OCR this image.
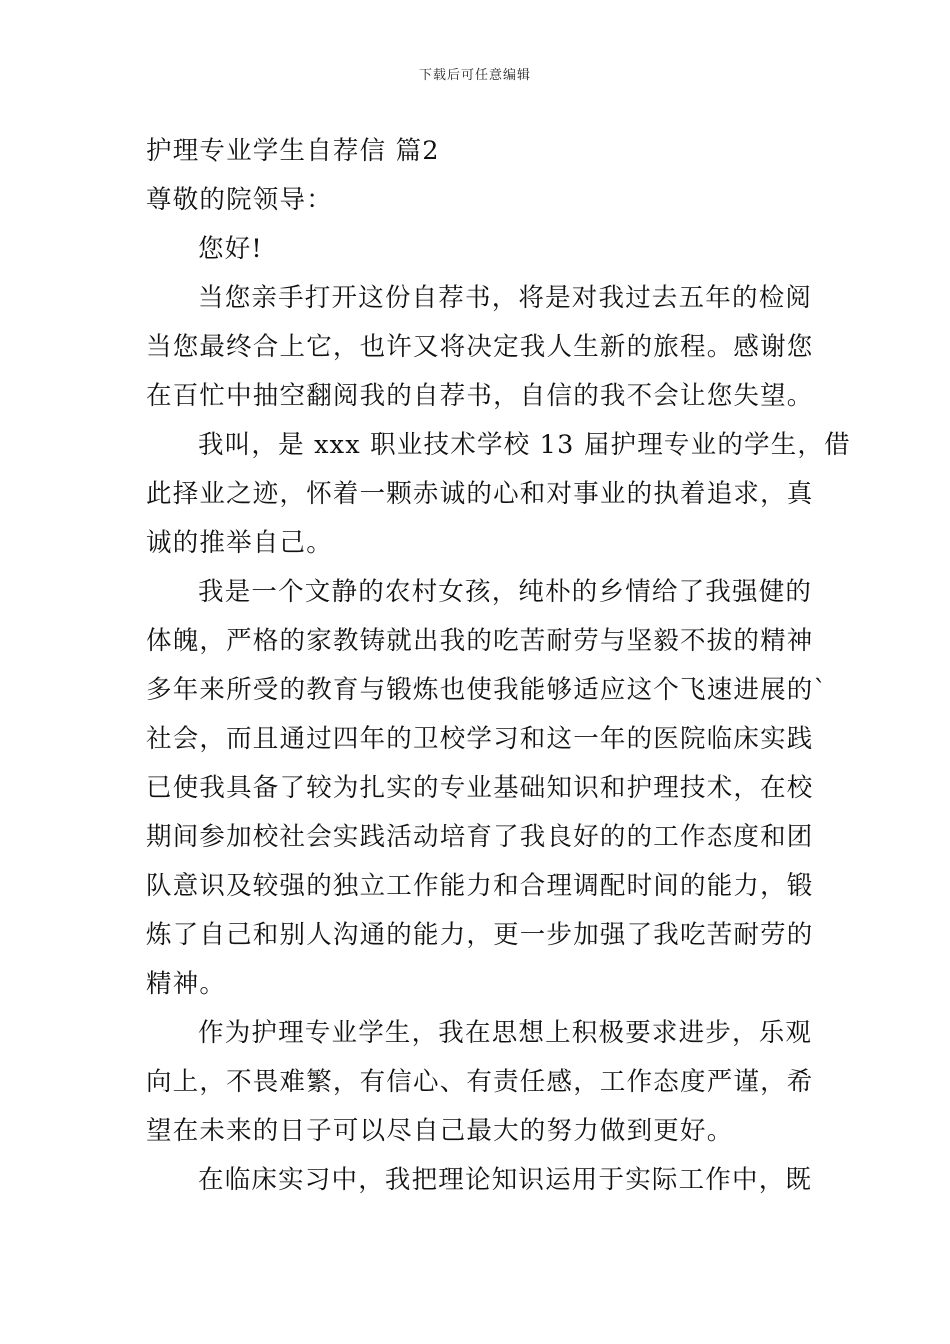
下载后可任意编辑
护理专业学生自荐信 篇2
尊敬的院领导：
您好!
当您亲手打开这份自荐书，将是对我过去五年的检阅
当您最终合上它，也许又将决定我人生新的旅程。感谢您
在百忙中抽空翻阅我的自荐书，自信的我不会让您失望。
我叫，是 xxx 职业技术学校 13 届护理专业的学生，借
此择业之迹，怀着一颗赤诚的心和对事业的执着追求，真
诚的推举自己。
我是一个文静的农村女孩，纯朴的乡情给了我强健的
体魄，严格的家教铸就出我的吃苦耐劳与坚毅不拔的精神
多年来所受的教育与锻炼也使我能够适应这个飞速进展的`
社会，而且通过四年的卫校学习和这一年的医院临床实践
已使我具备了较为扎实的专业基础知识和护理技术，在校
期间参加校社会实践活动培育了我良好的的工作态度和团
队意识及较强的独立工作能力和合理调配时间的能力，锻
炼了自己和别人沟通的能力，更一步加强了我吃苦耐劳的
精神。
作为护理专业学生，我在思想上积极要求进步，乐观
向上，不畏难繁，有信心、有责任感，工作态度严谨，希
望在未来的日子可以尽自己最大的努力做到更好。
在临床实习中，我把理论知识运用于实际工作中，既
